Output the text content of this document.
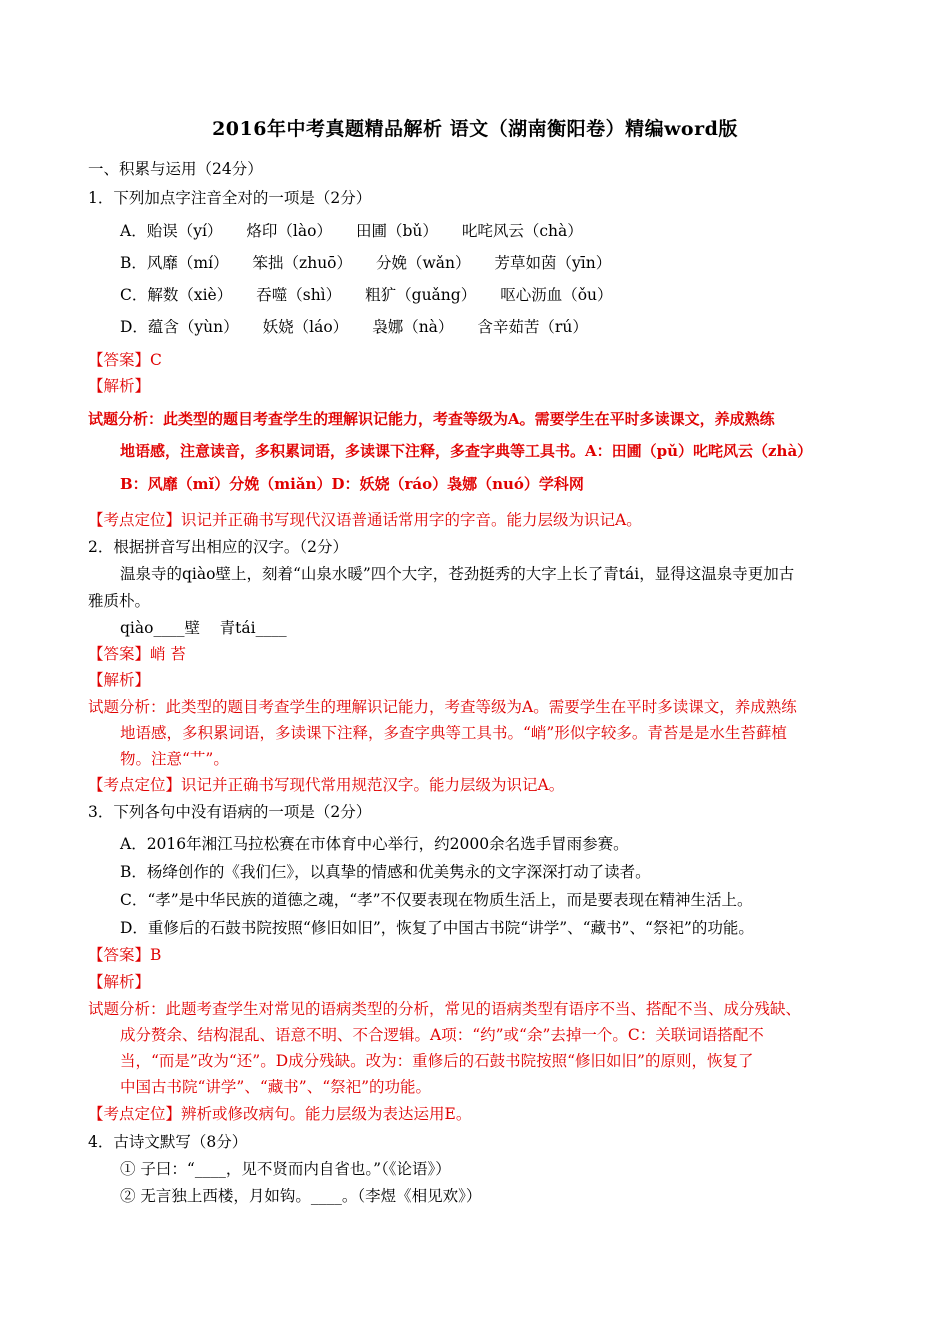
2016年中考真题精品解析 语文（湖南衡阳卷）精编word版
一、积累与运用（24分）
1．下列加点字注音全对的一项是（2分）
A．贻误（yí） 烙印（lào） 田圃（bǔ） 叱咤风云（chà）
B．风靡（mí） 笨拙（zhuō） 分娩（wǎn） 芳草如茵（yīn）
C．解数（xiè） 吞噬（shì） 粗犷（guǎng） 呕心沥血（ǒu）
D．蕴含（yùn） 妖娆（láo） 袅娜（nà） 含辛茹苦（rú）
【答案】C
【解析】
试题分析：此类型的题目考查学生的理解识记能力，考查等级为A。需要学生在平时多读课文，养成熟练
地语感，注意读音，多积累词语，多读课下注释，多查字典等工具书。A：田圃（pǔ）叱咤风云（zhà）
B：风靡（mǐ）分娩（miǎn）D：妖娆（ráo）袅娜（nuó）学科网
【考点定位】识记并正确书写现代汉语普通话常用字的字音。能力层级为识记A。
2．根据拼音写出相应的汉字。（2分）
温泉寺的qiào壁上，刻着“山泉水暖”四个大字，苍劲挺秀的大字上长了青tái，显得这温泉寺更加古
雅质朴。
qiào____壁    青tái____
【答案】峭 苔
【解析】
试题分析：此类型的题目考查学生的理解识记能力，考查等级为A。需要学生在平时多读课文，养成熟练
地语感，多积累词语，多读课下注释，多查字典等工具书。“峭”形似字较多。青苔是是水生苔藓植
物。注意“艹”。
【考点定位】识记并正确书写现代常用规范汉字。能力层级为识记A。
3．下列各句中没有语病的一项是（2分）
A．2016年湘江马拉松赛在市体育中心举行，约2000余名选手冒雨参赛。
B．杨绛创作的《我们仨》，以真挚的情感和优美隽永的文字深深打动了读者。
C．“孝”是中华民族的道德之魂，“孝”不仅要表现在物质生活上，而是要表现在精神生活上。
D．重修后的石鼓书院按照“修旧如旧”，恢复了中国古书院“讲学”、“藏书”、“祭祀”的功能。
【答案】B
【解析】
试题分析：此题考查学生对常见的语病类型的分析，常见的语病类型有语序不当、搭配不当、成分残缺、
成分赘余、结构混乱、语意不明、不合逻辑。A项：“约”或“余”去掉一个。C：关联词语搭配不
当，“而是”改为“还”。D成分残缺。改为：重修后的石鼓书院按照“修旧如旧”的原则，恢复了
中国古书院“讲学”、“藏书”、“祭祀”的功能。
【考点定位】辨析或修改病句。能力层级为表达运用E。
4．古诗文默写（8分）
① 子曰：“____，见不贤而内自省也。”（《论语》）
② 无言独上西楼，月如钩。____。（李煜《相见欢》）
